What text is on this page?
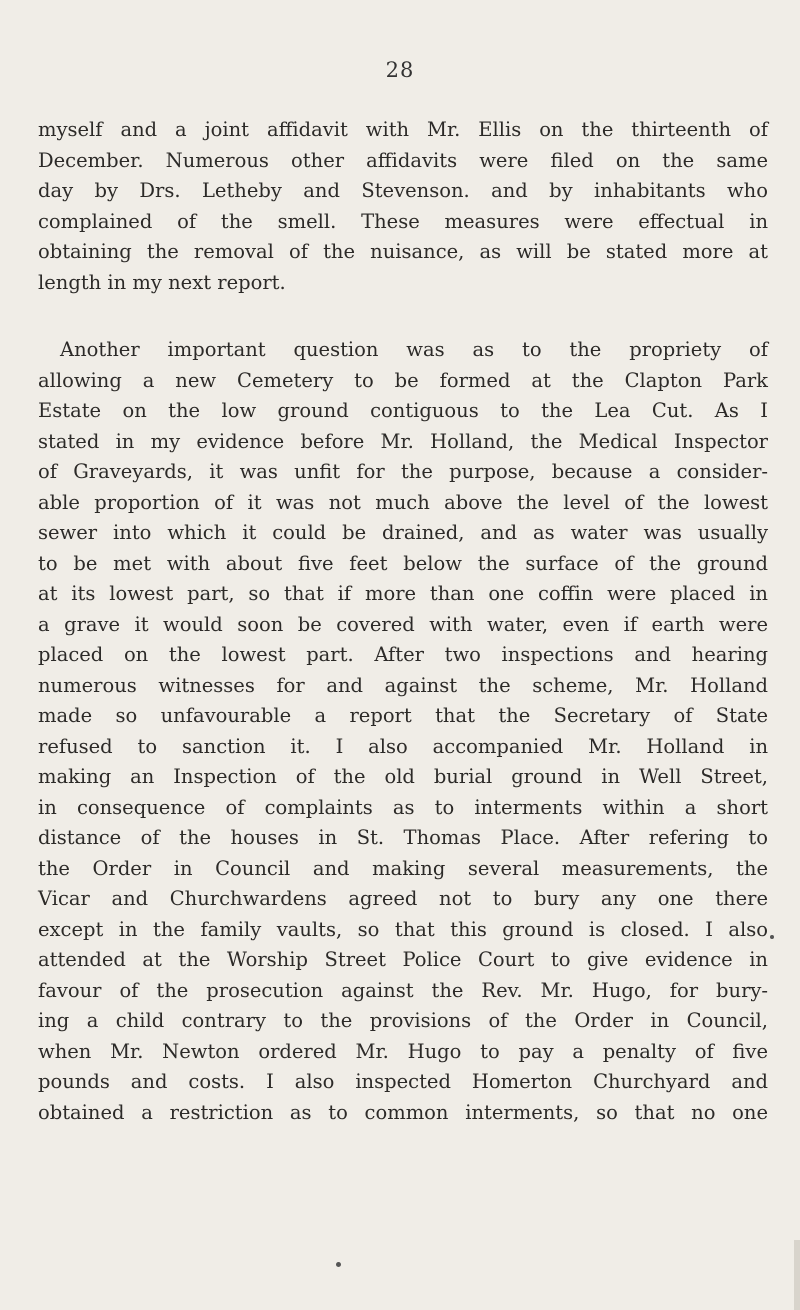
28
myself and a joint affidavit with Mr. Ellis on the thirteenth of
December. Numerous other affidavits were filed on the same
day by Drs. Letheby and Stevenson. and by inhabitants who
complained of the smell. These measures were effectual in
obtaining the removal of the nuisance, as will be stated more at
length in my next report.
Another important question was as to the propriety of
allowing a new Cemetery to be formed at the Clapton Park
Estate on the low ground contiguous to the Lea Cut. As I
stated in my evidence before Mr. Holland, the Medical Inspector
of Graveyards, it was unfit for the purpose, because a consider-
able proportion of it was not much above the level of the lowest
sewer into which it could be drained, and as water was usually
to be met with about five feet below the surface of the ground
at its lowest part, so that if more than one coffin were placed in
a grave it would soon be covered with water, even if earth were
placed on the lowest part. After two inspections and hearing
numerous witnesses for and against the scheme, Mr. Holland
made so unfavourable a report that the Secretary of State
refused to sanction it. I also accompanied Mr. Holland in
making an Inspection of the old burial ground in Well Street,
in consequence of complaints as to interments within a short
distance of the houses in St. Thomas Place. After refering to
the Order in Council and making several measurements, the
Vicar and Churchwardens agreed not to bury any one there
except in the family vaults, so that this ground is closed. I also
attended at the Worship Street Police Court to give evidence in
favour of the prosecution against the Rev. Mr. Hugo, for bury-
ing a child contrary to the provisions of the Order in Council,
when Mr. Newton ordered Mr. Hugo to pay a penalty of five
pounds and costs. I also inspected Homerton Churchyard and
obtained a restriction as to common interments, so that no one
